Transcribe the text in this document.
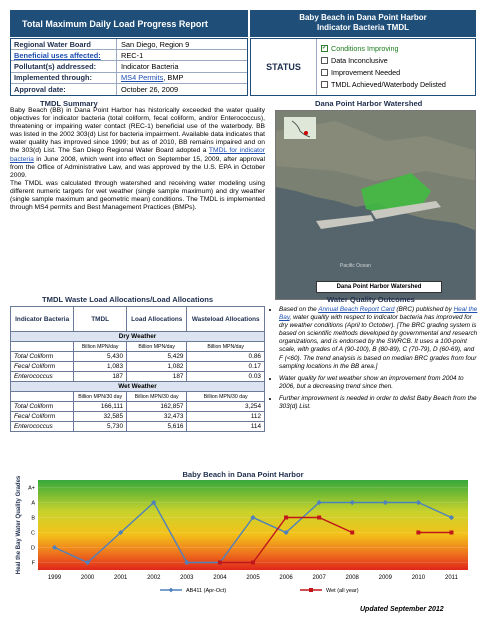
Total Maximum Daily Load Progress Report
Baby Beach in Dana Point Harbor
Indicator Bacteria TMDL
Regional Water Board	San Diego, Region 9
Beneficial uses affected:	REC-1
Pollutant(s) addressed:	Indicator Bacteria
Implemented through:	MS4 Permits , BMP
Approval date:	October 26, 2009
STATUS
✓ Conditions Improving
Data Inconclusive
Improvement Needed
TMDL Achieved/Waterbody Delisted
TMDL Summary

Baby Beach (BB) in Dana Point Harbor has historically exceeded the water quality objectives for indicator bacteria (total coliform, fecal coliform, and/or Enterococcus), threatening or impairing water contact (REC-1) beneficial use of the waterbody. BB was listed in the 2002 303(d) List for bacteria impairment. Available data indicates that water quality has improved since 1999; but as of 2010, BB remains impaired and on the 303(d) List. The San Diego Regional Water Board adopted a TMDL for indicator bacteria in June 2008, which went into effect on September 15, 2009, after approval from the Office of Administrative Law, and was approved by the U.S. EPA in October 2009.

The TMDL was calculated through watershed and receiving water modeling using different numeric targets for wet weather (single sample maximum) and dry weather (single sample maximum and geometric mean) conditions. The TMDL is implemented through MS4 permits and Best Management Practices (BMPs).

Dana Point Harbor Watershed
Pacific Ocean
Dana Point Harbor Watershed
TMDL Waste Load Allocations/Load Allocations
Indicator Bacteria	TMDL	Load Allocations	Wasteload Allocations
Dry Weather			
	Billion MPN/day	Billion MPN/day	Billion MPN/day
Total Coliform	5,430	5,429	0.86
Fecal Coliform	1,083	1,082	0.17
Enterococcus	187	187	0.03
Wet Weather			
	Billion MPN/30 day	Billion MPN/30 day	Billion MPN/30 day
Total Coliform	166,111	162,857	3,254
Fecal Coliform	32,585	32,473	112
Enterococcus	5,730	5,616	114
Water Quality Outcomes
• Based on the Annual Beach Report Card (BRC) published by Heal the Bay, water quality with respect to indicator bacteria has improved for dry weather conditions (April to October). [The BRC grading system is based on scientific methods developed by governmental and research organizations, and is endorsed by the SWRCB. It uses a 100-point scale, with grades of A (90-100), B (80-89), C (70-79), D (60-69), and F (<60). The trend analysis is based on median BRC grades from four sampling locations in the BB area.]
• Water quality for wet weather show an improvement from 2004 to 2006, but a decreasing trend since then.
• Further improvement is needed in order to delist Baby Beach from the 303(d) List.
Baby Beach in Dana Point Harbor
F
D
C
B
A
A+
1999	2000	2001	2002	2003	2004	2005	2006	2007	2008	2009	2010	2011
Heal the Bay Water Quality Grades
AB411 (Apr-Oct)	Wet (all year)
Updated September 2012
